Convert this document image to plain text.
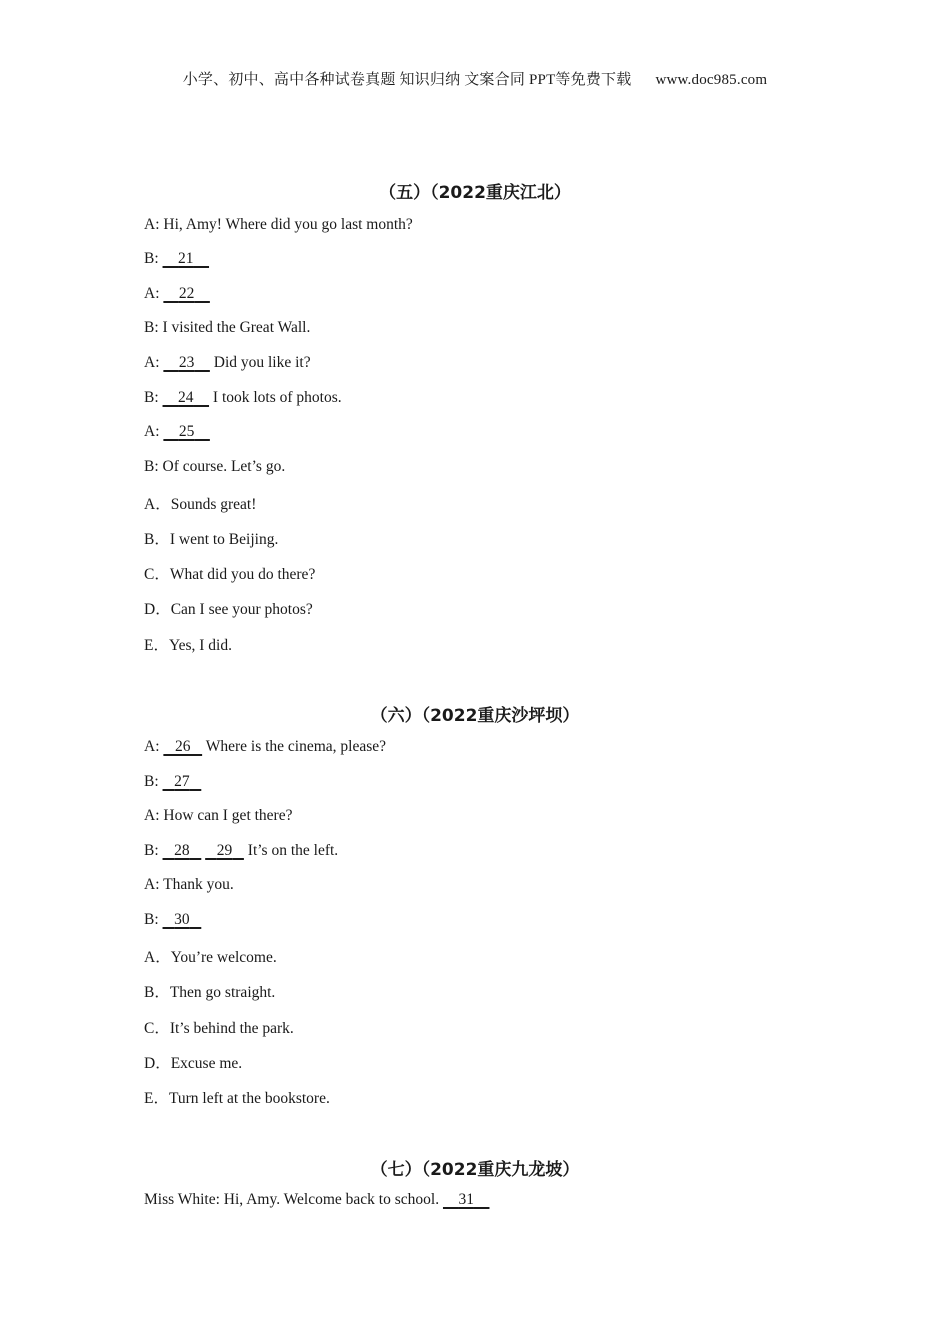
小学、初中、高中各种试卷真题 知识归纳 文案合同 PPT等免费下载 www.doc985.com
（五）（2022重庆江北）
A: Hi, Amy! Where did you go last month?
B:     21
A:     22
B: I visited the Great Wall.
A:     23     Did you like it?
B:     24     I took lots of photos.
A:     25
B: Of course. Let’s go.
A．Sounds great!
B．I went to Beijing.
C．What did you do there?
D．Can I see your photos?
E．Yes, I did.
（六）（2022重庆沙坪坝）
A:    26    Where is the cinema, please?
B:    27
A: How can I get there?
B:    28 29    It’s on the left.
A: Thank you.
B:    30
A．You’re welcome.
B．Then go straight.
C．It’s behind the park.
D．Excuse me.
E．Turn left at the bookstore.
（七）（2022重庆九龙坡）
Miss White: Hi, Amy. Welcome back to school.     31
